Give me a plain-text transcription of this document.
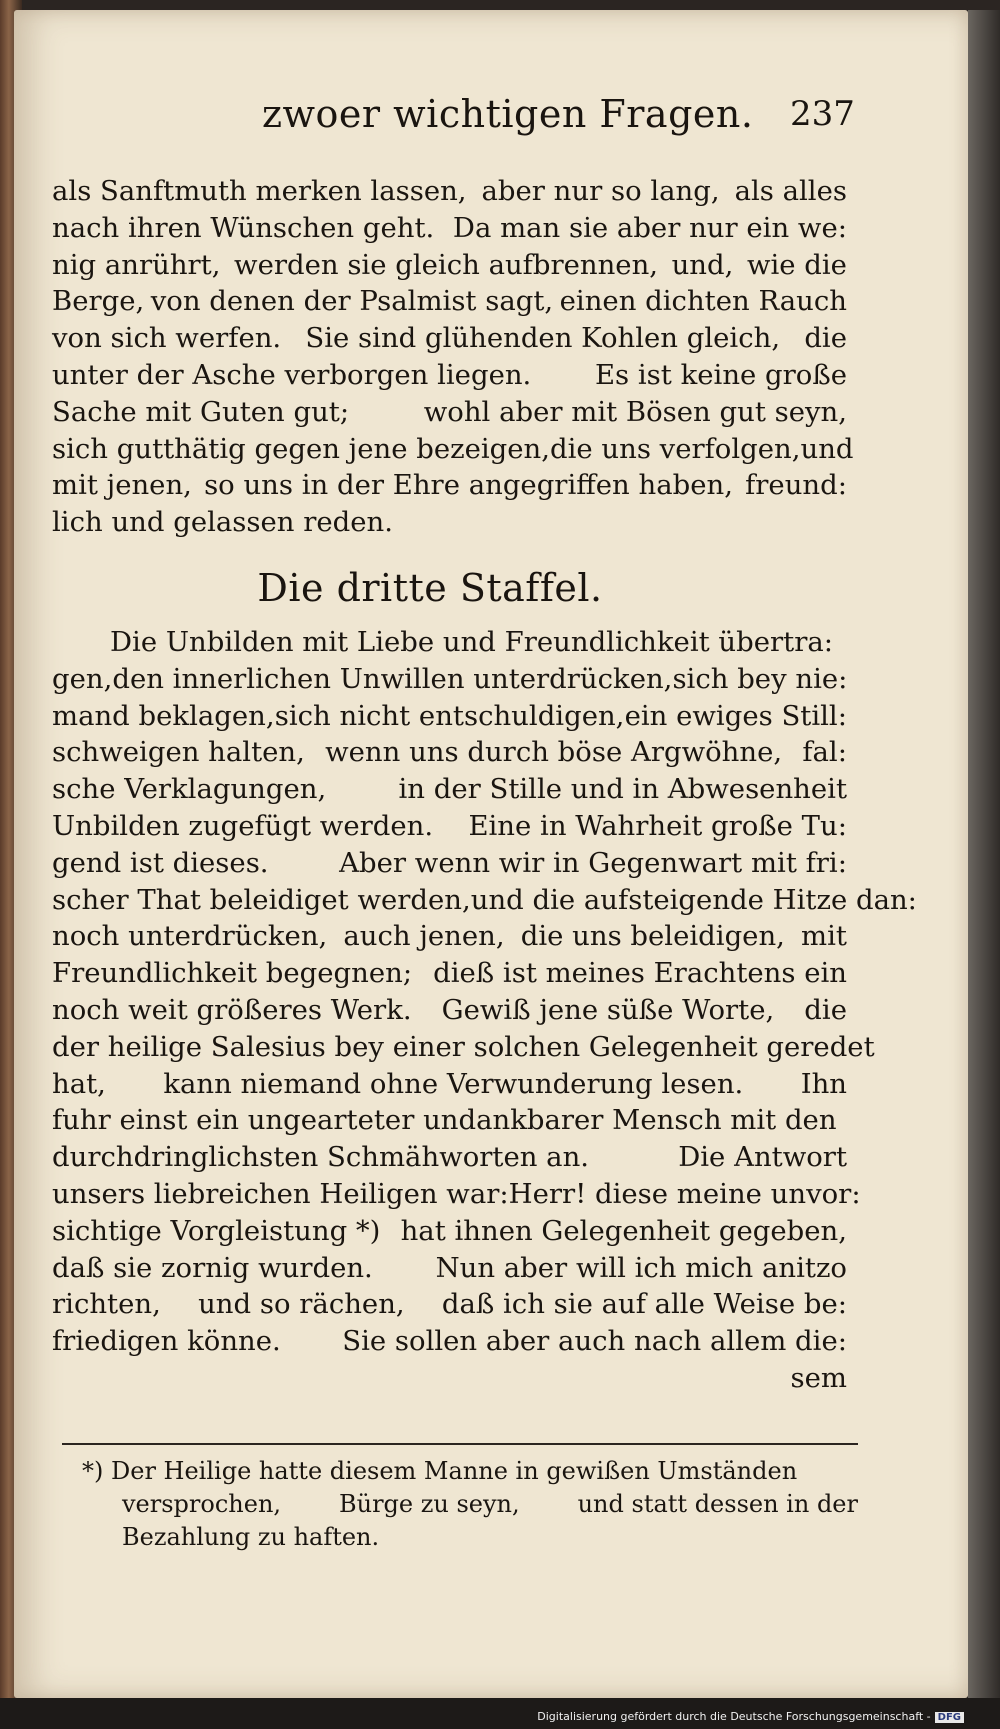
zwoer wichtigen Fragen. 237
als Sanftmuth merken lassen, aber nur so lang, als alles
nach ihren Wünschen geht. Da man sie aber nur ein we:
nig anrührt, werden sie gleich aufbrennen, und, wie die
Berge, von denen der Psalmist sagt, einen dichten Rauch
von sich werfen. Sie sind glühenden Kohlen gleich, die
unter der Asche verborgen liegen. Es ist keine große
Sache mit Guten gut;	wohl aber mit Bösen gut seyn,
sich gutthätig gegen jene bezeigen, die uns verfolgen, und
mit jenen, so uns in der Ehre angegriffen haben, freund:
lich und gelassen reden.
Die dritte Staffel.
Die Unbilden mit Liebe und Freundlichkeit übertra:
gen, den innerlichen Unwillen unterdrücken, sich bey nie:
mand beklagen, sich nicht entschuldigen, ein ewiges Still:
schweigen halten, wenn uns durch böse Argwöhne, fal:
sche Verklagungen,	in der Stille und in Abwesenheit
Unbilden zugefügt werden. Eine in Wahrheit große Tu:
gend ist dieses.	Aber wenn wir in Gegenwart mit fri:
scher That beleidiget werden, und die aufsteigende Hitze dan:
noch unterdrücken, auch jenen, die uns beleidigen, mit
Freundlichkeit begegnen; dieß ist meines Erachtens ein
noch weit größeres Werk. Gewiß jene süße Worte, die
der heilige Salesius bey einer solchen Gelegenheit geredet
hat, kann niemand ohne Verwunderung lesen. Ihn
fuhr einst ein ungearteter undankbarer Mensch mit den
durchdringlichsten Schmähworten an.	Die Antwort
unsers liebreichen Heiligen war: Herr! diese meine unvor:
sichtige Vorgleistung *) hat ihnen Gelegenheit gegeben,
daß sie zornig wurden. Nun aber will ich mich anitzo
richten, und so rächen, daß ich sie auf alle Weise be:
friedigen könne. Sie sollen aber auch nach allem die:
sem
*) Der Heilige hatte diesem Manne in gewißen Umständen
versprochen, Bürge zu seyn, und statt dessen in der
Bezahlung zu haften.
Digitalisierung gefördert durch die Deutsche Forschungsgemeinschaft - DFG
